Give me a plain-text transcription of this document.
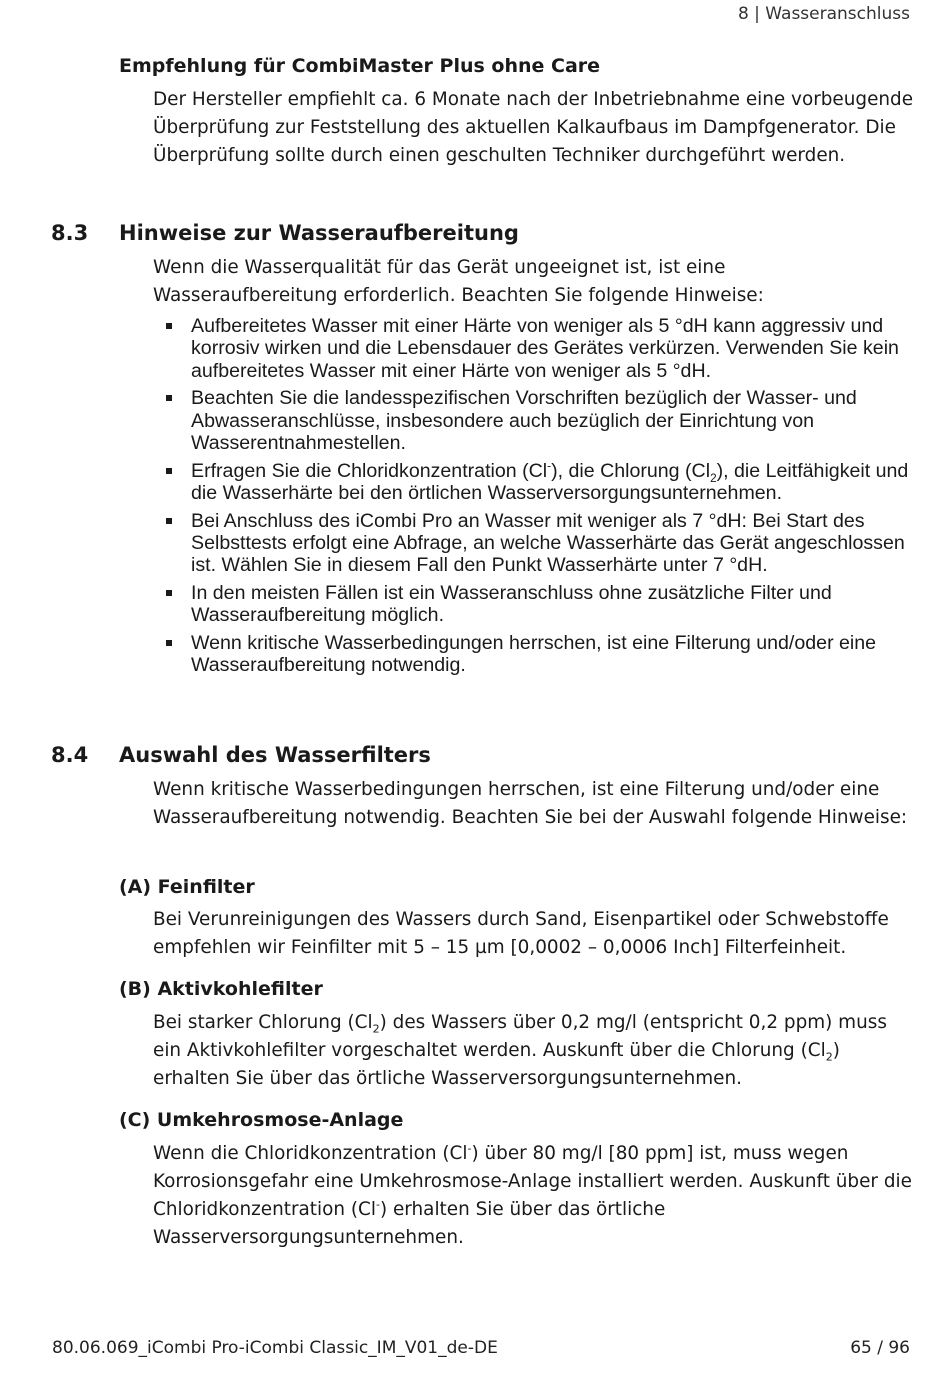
8 | Wasseranschluss
Empfehlung für CombiMaster Plus ohne Care
Der Hersteller empfiehlt ca. 6 Monate nach der Inbetriebnahme eine vorbeugende Überprüfung zur Feststellung des aktuellen Kalkaufbaus im Dampfgenerator. Die Überprüfung sollte durch einen geschulten Techniker durchgeführt werden.
8.3 Hinweise zur Wasseraufbereitung
Wenn die Wasserqualität für das Gerät ungeeignet ist, ist eine Wasseraufbereitung erforderlich. Beachten Sie folgende Hinweise:
Aufbereitetes Wasser mit einer Härte von weniger als 5 °dH kann aggressiv und korrosiv wirken und die Lebensdauer des Gerätes verkürzen. Verwenden Sie kein aufbereitetes Wasser mit einer Härte von weniger als 5 °dH.
Beachten Sie die landesspezifischen Vorschriften bezüglich der Wasser- und Abwasseranschlüsse, insbesondere auch bezüglich der Einrichtung von Wasserentnahmestellen.
Erfragen Sie die Chloridkonzentration (Cl-), die Chlorung $(Cl_2)$, die Leitfähigkeit und die Wasserhärte bei den örtlichen Wasserversorgungsunternehmen.
Bei Anschluss des iCombi Pro an Wasser mit weniger als 7 °dH: Bei Start des Selbsttests erfolgt eine Abfrage, an welche Wasserhärte das Gerät angeschlossen ist. Wählen Sie in diesem Fall den Punkt Wasserhärte unter 7 °dH.
In den meisten Fällen ist ein Wasseranschluss ohne zusätzliche Filter und Wasseraufbereitung möglich.
Wenn kritische Wasserbedingungen herrschen, ist eine Filterung und/oder eine Wasseraufbereitung notwendig.
8.4 Auswahl des Wasserfilters
Wenn kritische Wasserbedingungen herrschen, ist eine Filterung und/oder eine Wasseraufbereitung notwendig. Beachten Sie bei der Auswahl folgende Hinweise:
(A) Feinfilter
Bei Verunreinigungen des Wassers durch Sand, Eisenpartikel oder Schwebstoffe empfehlen wir Feinfilter mit 5 – 15 µm [0,0002 – 0,0006 Inch] Filterfeinheit.
(B) Aktivkohlefilter
Bei starker Chlorung $(Cl_2)$ des Wassers über 0,2 mg/l (entspricht 0,2 ppm) muss ein Aktivkohlefilter vorgeschaltet werden. Auskunft über die Chlorung $(Cl_2)$ erhalten Sie über das örtliche Wasserversorgungsunternehmen.
(C) Umkehrosmose-Anlage
Wenn die Chloridkonzentration (Cl-) über 80 mg/l [80 ppm] ist, muss wegen Korrosionsgefahr eine Umkehrosmose-Anlage installiert werden. Auskunft über die Chloridkonzentration (Cl-) erhalten Sie über das örtliche Wasserversorgungsunternehmen.
80.06.069_iCombi Pro-iCombi Classic_IM_V01_de-DE	65 / 96
